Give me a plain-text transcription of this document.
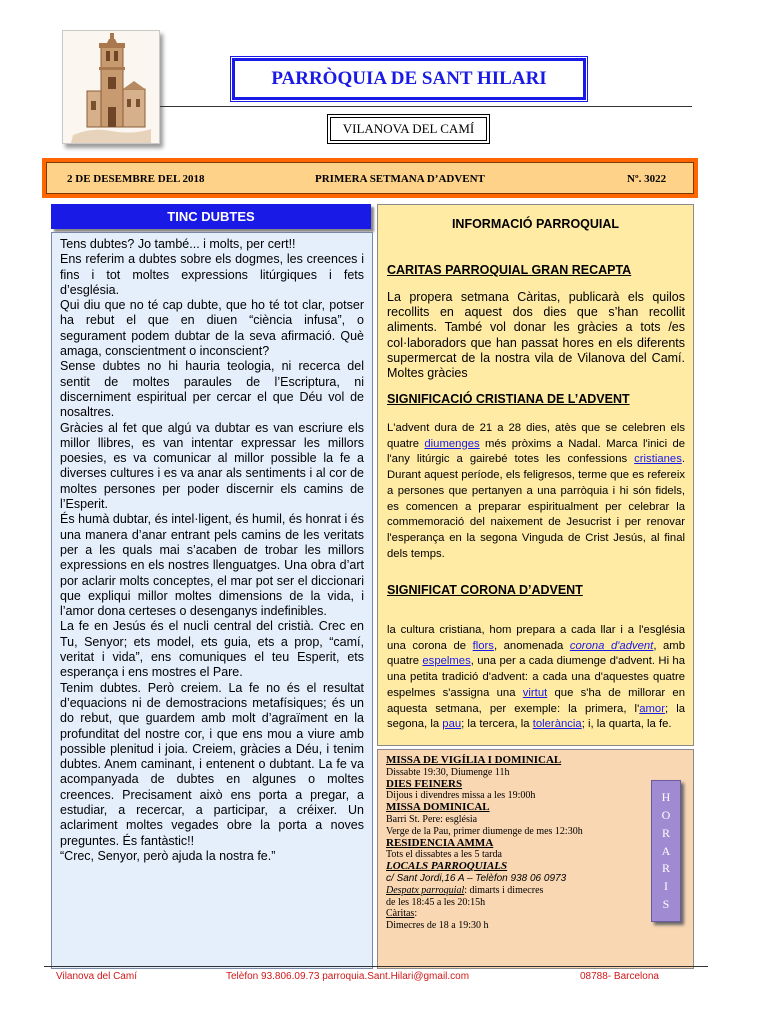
PARRÒQUIA DE SANT HILARI
VILANOVA DEL CAMÍ
2 DE DESEMBRE DEL 2018	PRIMERA SETMANA D’ADVENT	Nº. 3022
TINC DUBTES

Tens dubtes? Jo també... i molts, per cert!!

Ens referim a dubtes sobre els dogmes, les creences i fins i tot moltes expressions litúrgiques i fets d’església.

Qui diu que no té cap dubte, que ho té tot clar, potser ha rebut el que en diuen “ciència infusa”, o segurament podem dubtar de la seva afirmació. Què amaga, conscientment o inconscient?

Sense dubtes no hi hauria teologia, ni recerca del sentit de moltes paraules de l’Escriptura, ni discerniment espiritual per cercar el que Déu vol de nosaltres.

Gràcies al fet que algú va dubtar es van escriure els millor llibres, es van intentar expressar les millors poesies, es va comunicar al millor possible la fe a diverses cultures i es va anar als sentiments i al cor de moltes persones per poder discernir els camins de l’Esperit.

És humà dubtar, és intel·ligent, és humil, és honrat i és una manera d’anar entrant pels camins de les veritats per a les quals mai s’acaben de trobar les millors expressions en els nostres llenguatges. Una obra d’art por aclarir molts conceptes, el mar pot ser el diccionari que expliqui millor moltes dimensions de la vida, i l’amor dona certeses o desenganys indefinibles.

La fe en Jesús és el nucli central del cristià. Crec en Tu, Senyor; ets model, ets guia, ets a prop, “camí, veritat i vida”, ens comuniques el teu Esperit, ets esperança i ens mostres el Pare.

Tenim dubtes. Però creiem. La fe no és el resultat d’equacions ni de demostracions metafísiques; és un do rebut, que guardem amb molt d’agraïment en la profunditat del nostre cor, i que ens mou a viure amb possible plenitud i joia. Creiem, gràcies a Déu, i tenim dubtes. Anem caminant, i entenent o dubtant. La fe va acompanyada de dubtes en algunes o moltes creences. Precisament això ens porta a pregar, a estudiar, a recercar, a participar, a créixer. Un aclariment moltes vegades obre la porta a noves preguntes. És fantàstic!!

“Crec, Senyor, però ajuda la nostra fe.”

INFORMACIÓ PARROQUIAL
CARITAS PARROQUIAL GRAN RECAPTA
La propera setmana Càritas, publicarà els quilos recollits en aquest dos dies que s’han recollit aliments. També vol donar les gràcies a tots /es col·laboradors que han passat hores en els diferents supermercat de la nostra vila de Vilanova del Camí. Moltes gràcies
SIGNIFICACIÓ CRISTIANA DE L’ADVENT
L'advent dura de 21 a 28 dies, atès que se celebren els quatre diumenges més pròxims a Nadal. Marca l'inici de l'any litúrgic a gairebé totes les confessions cristianes. Durant aquest període, els feligresos, terme que es refereix a persones que pertanyen a una parròquia i hi són fidels, es comencen a preparar espiritualment per celebrar la commemoració del naixement de Jesucrist i per renovar l'esperança en la segona Vinguda de Crist Jesús, al final dels temps.
SIGNIFICAT CORONA D’ADVENT
la cultura cristiana, hom prepara a cada llar i a l'església una corona de flors, anomenada corona d'advent, amb quatre espelmes, una per a cada diumenge d'advent. Hi ha una petita tradició d'advent: a cada una d'aquestes quatre espelmes s'assigna una virtut que s'ha de millorar en aquesta setmana, per exemple: la primera, l'amor; la segona, la pau; la tercera, la tolerància; i, la quarta, la fe.
MISSA DE VIGÍLIA I DOMINICAL
Dissabte 19:30, Diumenge 11h
DIES FEINERS
Dijous i divendres missa a les 19:00h
MISSA DOMINICAL
Barri St. Pere: església
Verge de la Pau, primer diumenge de mes 12:30h
RESIDENCIA AMMA
Tots el dissabtes a les 5 tarda
LOCALS PARROQUIALS
c/ Sant Jordi,16 A – Telèfon 938 06 0973
Despatx parroquial: dimarts i dimecres
de les 18:45 a les 20:15h
Càritas:
Dimecres de 18 a 19:30 h
H
O
R
A
R
I
S
Vilanova del Camí	Telèfon 93.806.09.73 parroquia.Sant.Hilari@gmail.com	08788- Barcelona
